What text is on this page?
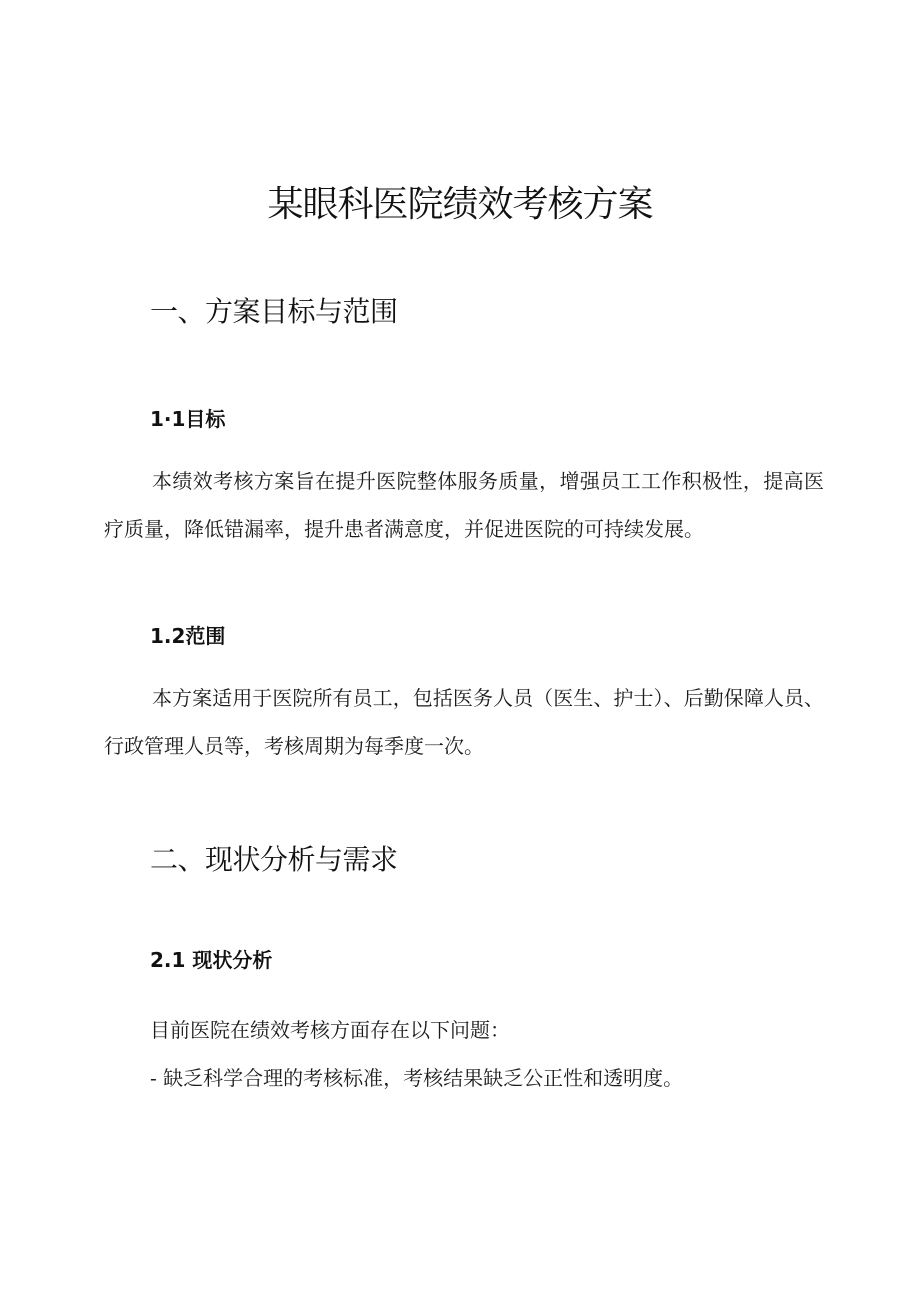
某眼科医院绩效考核方案
一、方案目标与范围
1·1目标

本绩效考核方案旨在提升医院整体服务质量，增强员工工作积极性，提高医疗质量，降低错漏率，提升患者满意度，并促进医院的可持续发展。

1.2范围

本方案适用于医院所有员工，包括医务人员（医生、护士）、后勤保障人员、行政管理人员等，考核周期为每季度一次。

二、现状分析与需求
2.1 现状分析

目前医院在绩效考核方面存在以下问题：

- 缺乏科学合理的考核标准，考核结果缺乏公正性和透明度。
